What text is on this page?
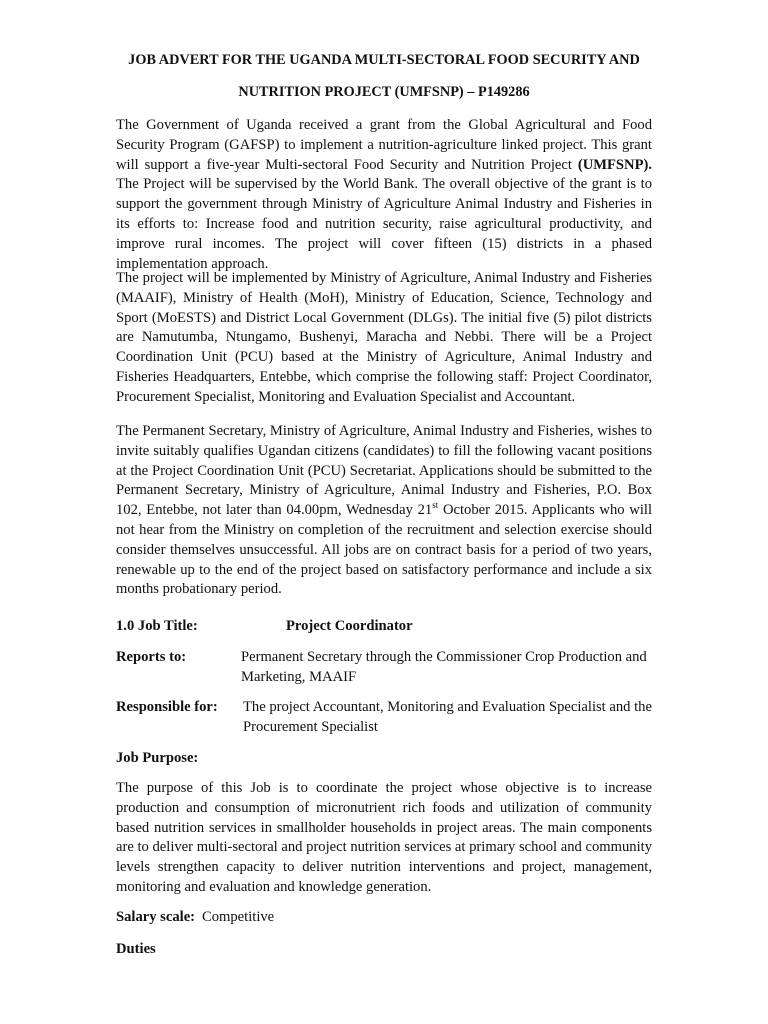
JOB ADVERT FOR THE UGANDA MULTI-SECTORAL FOOD SECURITY AND
NUTRITION PROJECT (UMFSNP) – P149286

The Government of Uganda received a grant from the Global Agricultural and Food Security Program (GAFSP) to implement a nutrition-agriculture linked project. This grant will support a five-year Multi-sectoral Food Security and Nutrition Project (UMFSNP). The Project will be supervised by the World Bank. The overall objective of the grant is to support the government through Ministry of Agriculture Animal Industry and Fisheries in its efforts to: Increase food and nutrition security, raise agricultural productivity, and improve rural incomes. The project will cover fifteen (15) districts in a phased implementation approach.

The project will be implemented by Ministry of Agriculture, Animal Industry and Fisheries (MAAIF), Ministry of Health (MoH), Ministry of Education, Science, Technology and Sport (MoESTS) and District Local Government (DLGs). The initial five (5) pilot districts are Namutumba, Ntungamo, Bushenyi, Maracha and Nebbi. There will be a Project Coordination Unit (PCU) based at the Ministry of Agriculture, Animal Industry and Fisheries Headquarters, Entebbe, which comprise the following staff: Project Coordinator, Procurement Specialist, Monitoring and Evaluation Specialist and Accountant.

The Permanent Secretary, Ministry of Agriculture, Animal Industry and Fisheries, wishes to invite suitably qualifies Ugandan citizens (candidates) to fill the following vacant positions at the Project Coordination Unit (PCU) Secretariat. Applications should be submitted to the Permanent Secretary, Ministry of Agriculture, Animal Industry and Fisheries, P.O. Box 102, Entebbe, not later than 04.00pm, Wednesday 21st October 2015. Applicants who will not hear from the Ministry on completion of the recruitment and selection exercise should consider themselves unsuccessful. All jobs are on contract basis for a period of two years, renewable up to the end of the project based on satisfactory performance and include a six months probationary period.

1.0 Job Title:	Project Coordinator
Reports to:	Permanent Secretary through the Commissioner Crop Production and Marketing, MAAIF
Responsible for: The project Accountant, Monitoring and Evaluation Specialist and the Procurement Specialist
Job Purpose:

The purpose of this Job is to coordinate the project whose objective is to increase production and consumption of micronutrient rich foods and utilization of community based nutrition services in smallholder households in project areas. The main components are to deliver multi-sectoral and project nutrition services at primary school and community levels strengthen capacity to deliver nutrition interventions and project, management, monitoring and evaluation and knowledge generation.

Salary scale: Competitive
Duties
